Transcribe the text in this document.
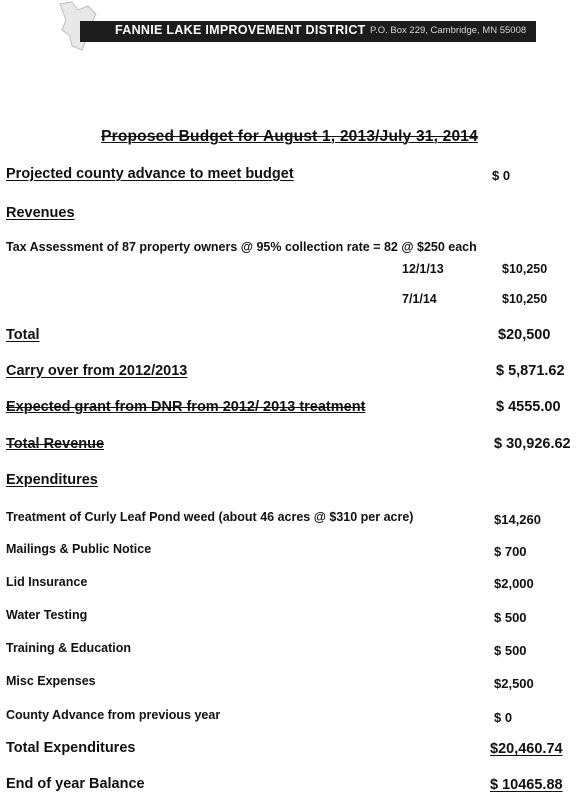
FANNIE LAKE IMPROVEMENT DISTRICT P.O. Box 229, Cambridge, MN 55008
Proposed Budget for August 1, 2013/July 31, 2014
Projected county advance to meet budget	$ 0
Revenues
Tax Assessment of 87 property owners @ 95% collection rate = 82 @ $250 each
12/1/13	$10,250
7/1/14	$10,250
Total	$20,500
Carry over from 2012/2013	$ 5,871.62
Expected grant from DNR from 2012/ 2013 treatment	$ 4555.00
Total Revenue	$ 30,926.62
Expenditures
Treatment of Curly Leaf Pond weed (about 46 acres @ $310 per acre)	$14,260
Mailings & Public Notice	$ 700
Lid Insurance	$2,000
Water Testing	$ 500
Training & Education	$ 500
Misc Expenses	$2,500
County Advance from previous year	$ 0
Total Expenditures	$20,460.74
End of year Balance	$ 10465.88
